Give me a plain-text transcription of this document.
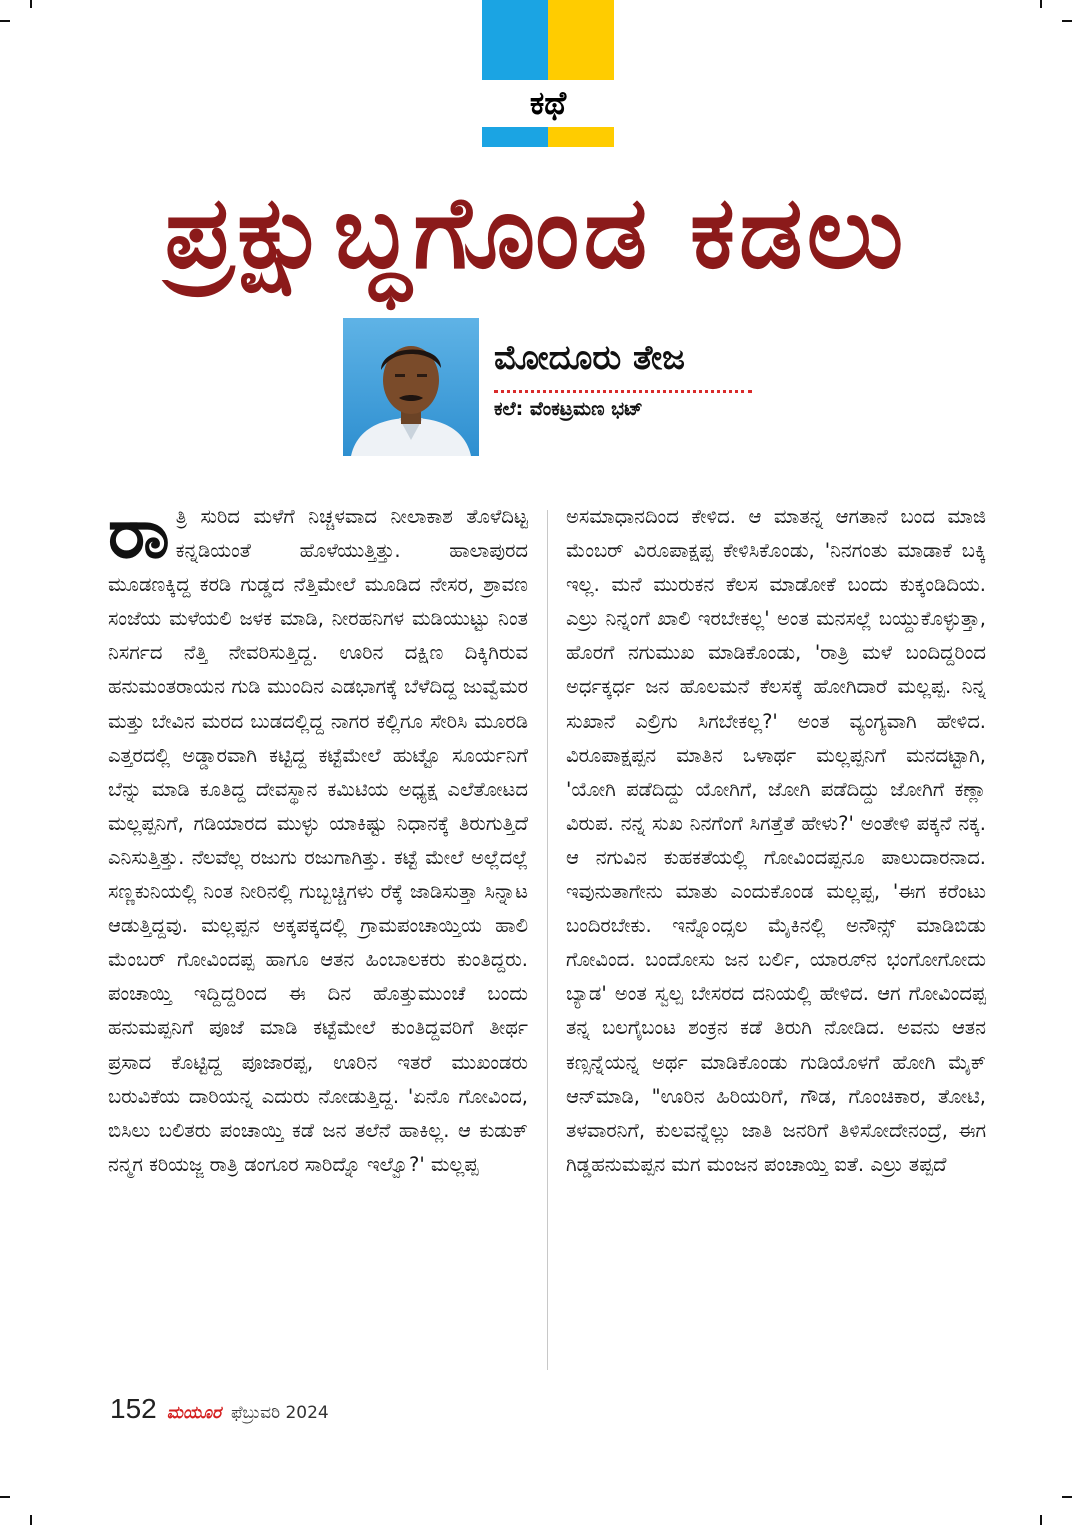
ಕಥೆ
ಪ್ರಕ್ಷುಬ್ಧಗೊಂಡ ಕಡಲು
ಮೋದೂರು ತೇಜ
ಕಲೆ: ವೆಂಕಟ್ರಮಣ ಭಟ್

ರಾತ್ರಿ ಸುರಿದ ಮಳೆಗೆ ನಿಚ್ಚಳವಾದ ನೀಲಾಕಾಶ ತೊಳೆದಿಟ್ಟ ಕನ್ನಡಿಯಂತೆ ಹೊಳೆಯುತ್ತಿತ್ತು. ಹಾಲಾಪುರದ ಮೂಡಣಕ್ಕಿದ್ದ ಕರಡಿ ಗುಡ್ಡದ ನೆತ್ತಿಮೇಲೆ ಮೂಡಿದ ನೇಸರ, ಶ್ರಾವಣ ಸಂಜೆಯ ಮಳೆಯಲಿ ಜಳಕ ಮಾಡಿ, ನೀರಹನಿಗಳ ಮಡಿಯುಟ್ಟು ನಿಂತ ನಿಸರ್ಗದ ನೆತ್ತಿ ನೇವರಿಸುತ್ತಿದ್ದ. ಊರಿನ ದಕ್ಷಿಣ ದಿಕ್ಕಿಗಿರುವ ಹನುಮಂತರಾಯನ ಗುಡಿ ಮುಂದಿನ ಎಡಭಾಗಕ್ಕೆ ಬೆಳೆದಿದ್ದ ಜುವ್ವೆಮರ ಮತ್ತು ಬೇವಿನ ಮರದ ಬುಡದಲ್ಲಿದ್ದ ನಾಗರ ಕಲ್ಲಿಗೂ ಸೇರಿಸಿ ಮೂರಡಿ ಎತ್ತರದಲ್ಲಿ ಅಡ್ಡಾರವಾಗಿ ಕಟ್ಟಿದ್ದ ಕಟ್ಟೆಮೇಲೆ ಹುಟ್ಟೊ ಸೂರ್ಯನಿಗೆ ಬೆನ್ನು ಮಾಡಿ ಕೂತಿದ್ದ ದೇವಸ್ಥಾನ ಕಮಿಟಿಯ ಅಧ್ಯಕ್ಷ ಎಲೆತೋಟದ ಮಲ್ಲಪ್ಪನಿಗೆ, ಗಡಿಯಾರದ ಮುಳ್ಳು ಯಾಕಿಷ್ಟು ನಿಧಾನಕ್ಕೆ ತಿರುಗುತ್ತಿದೆ ಎನಿಸುತ್ತಿತ್ತು. ನೆಲವೆಲ್ಲ ರಜುಗು ರಜುಗಾಗಿತ್ತು. ಕಟ್ಟೆ ಮೇಲೆ ಅಲ್ಲೆದಲ್ಲೆ ಸಣ್ಣಕುನಿಯಲ್ಲಿ ನಿಂತ ನೀರಿನಲ್ಲಿ ಗುಬ್ಬಚ್ಚಿಗಳು ರೆಕ್ಕೆ ಜಾಡಿಸುತ್ತಾ ಸಿನ್ನಾಟ ಆಡುತ್ತಿದ್ದವು. ಮಲ್ಲಪ್ಪನ ಅಕ್ಕಪಕ್ಕದಲ್ಲಿ ಗ್ರಾಮಪಂಚಾಯ್ತಿಯ ಹಾಲಿ ಮೆಂಬರ್ ಗೋವಿಂದಪ್ಪ ಹಾಗೂ ಆತನ ಹಿಂಬಾಲಕರು ಕುಂತಿದ್ದರು. ಪಂಚಾಯ್ತಿ ಇದ್ದಿದ್ದರಿಂದ ಈ ದಿನ ಹೊತ್ತುಮುಂಚೆ ಬಂದು ಹನುಮಪ್ಪನಿಗೆ ಪೂಜೆ ಮಾಡಿ ಕಟ್ಟೆಮೇಲೆ ಕುಂತಿದ್ದವರಿಗೆ ತೀರ್ಥ ಪ್ರಸಾದ ಕೊಟ್ಟಿದ್ದ ಪೂಜಾರಪ್ಪ, ಊರಿನ ಇತರೆ ಮುಖಂಡರು ಬರುವಿಕೆಯ ದಾರಿಯನ್ನ ಎದುರು ನೋಡುತ್ತಿದ್ದ. 'ಏನೊ ಗೋವಿಂದ, ಬಿಸಿಲು ಬಲಿತರು ಪಂಚಾಯ್ತಿ ಕಡೆ ಜನ ತಲೆನೆ ಹಾಕಿಲ್ಲ. ಆ ಕುಡುಕ್ ನನ್ಮಗ ಕರಿಯಜ್ಜ ರಾತ್ರಿ ಡಂಗೂರ ಸಾರಿದ್ನೊ ಇಲ್ವೊ?' ಮಲ್ಲಪ್ಪ

ಅಸಮಾಧಾನದಿಂದ ಕೇಳಿದ. ಆ ಮಾತನ್ನ ಆಗತಾನೆ ಬಂದ ಮಾಜಿ ಮೆಂಬರ್ ವಿರೂಪಾಕ್ಷಪ್ಪ ಕೇಳಿಸಿಕೊಂಡು, 'ನಿನಗಂತು ಮಾಡಾಕೆ ಬಕ್ಕಿ ಇಲ್ಲ. ಮನೆ ಮುರುಕನ ಕೆಲಸ ಮಾಡೋಕೆ ಬಂದು ಕುಕ್ಕಂಡಿದಿಯ. ಎಲ್ರು ನಿನ್ನಂಗೆ ಖಾಲಿ ಇರಬೇಕಲ್ಲ' ಅಂತ ಮನಸಲ್ಲೆ ಬಯ್ದುಕೊಳ್ಳುತ್ತಾ, ಹೊರಗೆ ನಗುಮುಖ ಮಾಡಿಕೊಂಡು, 'ರಾತ್ರಿ ಮಳೆ ಬಂದಿದ್ದರಿಂದ ಅರ್ಧಕ್ಕರ್ಧ ಜನ ಹೊಲಮನೆ ಕೆಲಸಕ್ಕೆ ಹೋಗಿದಾರೆ ಮಲ್ಲಪ್ಪ. ನಿನ್ನ ಸುಖಾನೆ ಎಲ್ರಿಗು ಸಿಗಬೇಕಲ್ಲ?' ಅಂತ ವ್ಯಂಗ್ಯವಾಗಿ ಹೇಳಿದ. ವಿರೂಪಾಕ್ಷಪ್ಪನ ಮಾತಿನ ಒಳಾರ್ಥ ಮಲ್ಲಪ್ಪನಿಗೆ ಮನದಟ್ಟಾಗಿ, 'ಯೋಗಿ ಪಡೆದಿದ್ದು ಯೋಗಿಗೆ, ಜೋಗಿ ಪಡೆದಿದ್ದು ಜೋಗಿಗೆ ಕಣ್ಲಾ ವಿರುಪ. ನನ್ನ ಸುಖ ನಿನಗೆಂಗೆ ಸಿಗತ್ತೆತೆ ಹೇಳು?' ಅಂತೇಳಿ ಪಕ್ಕನೆ ನಕ್ಕ. ಆ ನಗುವಿನ ಕುಹಕತೆಯಲ್ಲಿ ಗೋವಿಂದಪ್ಪನೂ ಪಾಲುದಾರನಾದ. ಇವುನುತಾಗೇನು ಮಾತು ಎಂದುಕೊಂಡ ಮಲ್ಲಪ್ಪ, 'ಈಗ ಕರೆಂಟು ಬಂದಿರಬೇಕು. ಇನ್ನೊಂದ್ಸಲ ಮೈಕಿನಲ್ಲಿ ಅನೌನ್ಸ್ ಮಾಡಿಬಿಡು ಗೋವಿಂದ. ಬಂದೋಸು ಜನ ಬರ್ಲಿ, ಯಾರೂ್ನ ಭಂಗೋಗೋದು ಬ್ಯಾಡ' ಅಂತ ಸ್ವಲ್ಪ ಬೇಸರದ ದನಿಯಲ್ಲಿ ಹೇಳಿದ. ಆಗ ಗೋವಿಂದಪ್ಪ ತನ್ನ ಬಲಗೈಬಂಟ ಶಂಕ್ರನ ಕಡೆ ತಿರುಗಿ ನೋಡಿದ. ಅವನು ಆತನ ಕಣ್ಸನ್ನೆಯನ್ನ ಅರ್ಥ ಮಾಡಿಕೊಂಡು ಗುಡಿಯೊಳಗೆ ಹೋಗಿ ಮೈಕ್ ಆನ್‌ಮಾಡಿ, "ಊರಿನ ಹಿರಿಯರಿಗೆ, ಗೌಡ, ಗೊಂಚಿಕಾರ, ತೋಟಿ, ತಳವಾರನಿಗೆ, ಕುಲವನ್ನೆಲ್ಲು ಜಾತಿ ಜನರಿಗೆ ತಿಳಿಸೋದೇನಂದ್ರೆ, ಈಗ ಗಿಡ್ಡಹನುಮಪ್ಪನ ಮಗ ಮಂಜನ ಪಂಚಾಯ್ತಿ ಐತೆ. ಎಲ್ರು ತಪ್ಪದೆ

152 ಮಯೂರ ಫೆಬ್ರುವರಿ 2024
